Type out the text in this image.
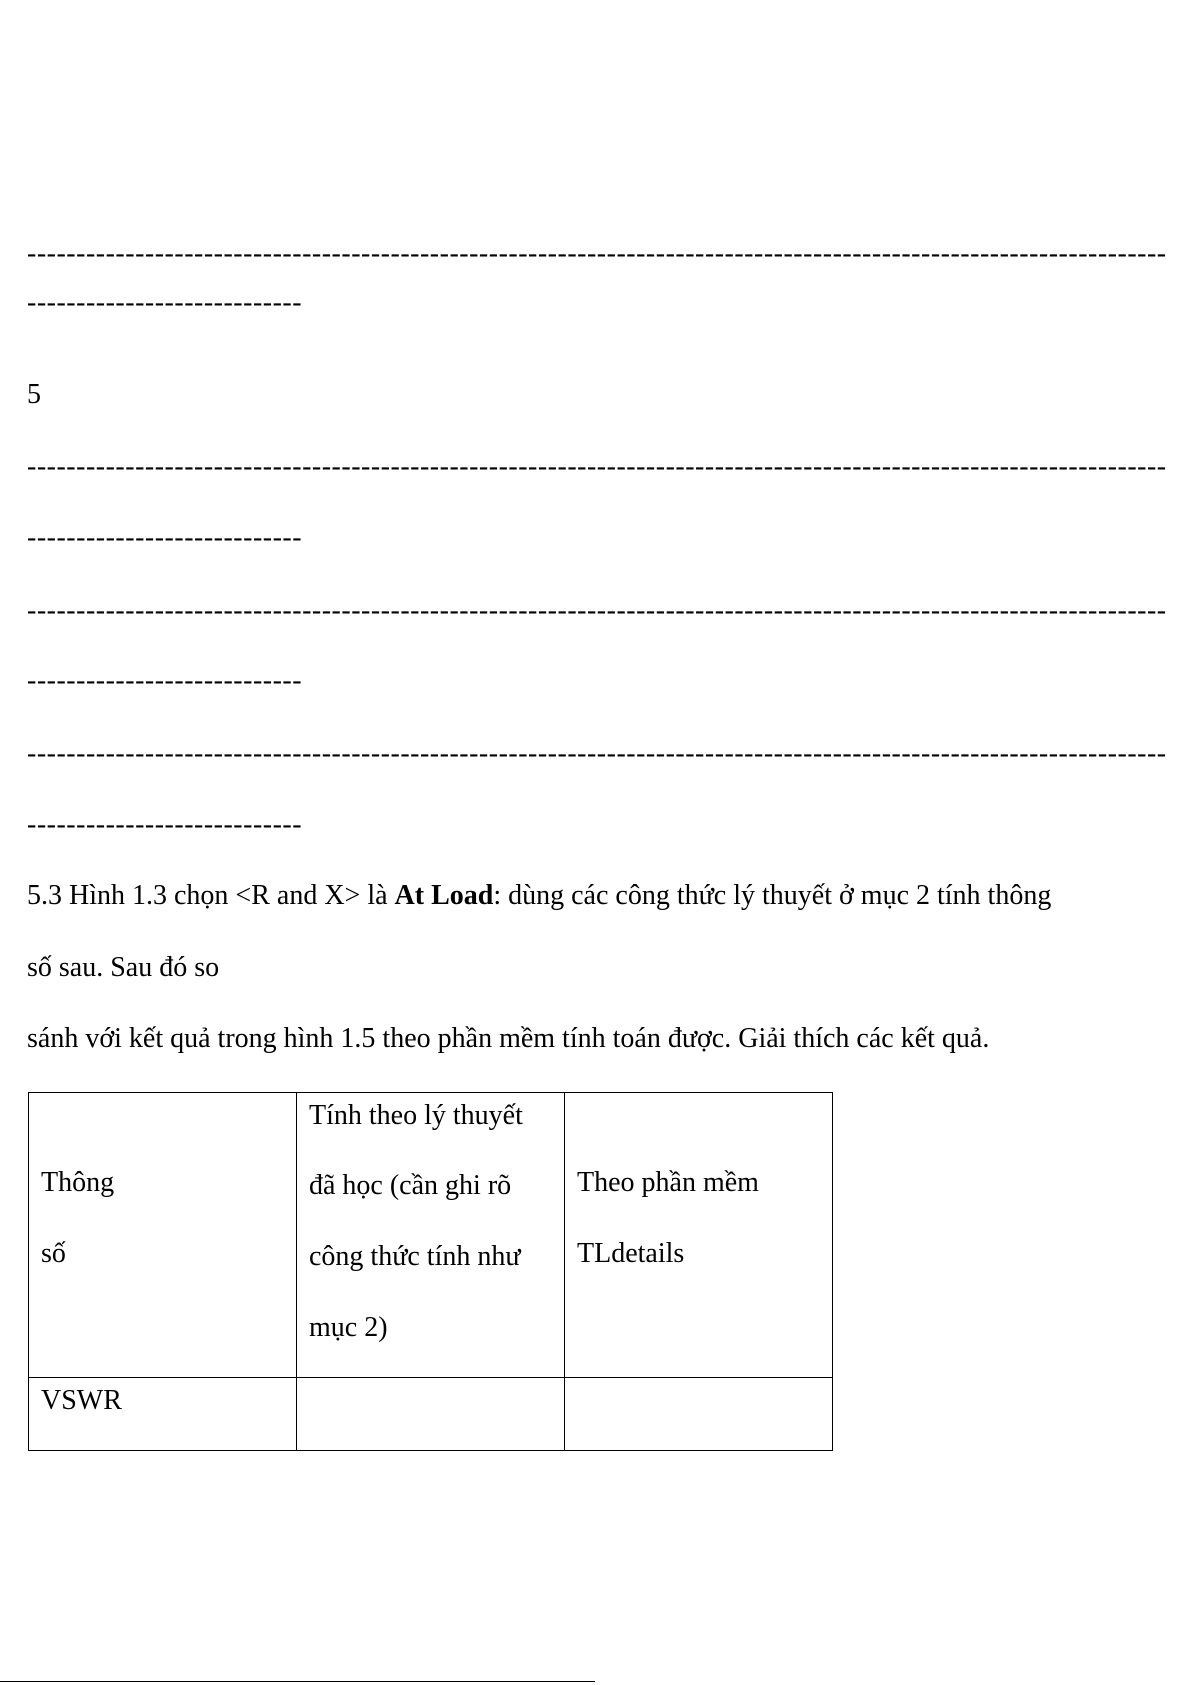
--------------------------------------------------------------------------------------------------------------------
----------------------------
5
--------------------------------------------------------------------------------------------------------------------
----------------------------
--------------------------------------------------------------------------------------------------------------------
----------------------------
--------------------------------------------------------------------------------------------------------------------
----------------------------
5.3 Hình 1.3 chọn <R and X> là At Load: dùng các công thức lý thuyết ở mục 2 tính thông
số sau. Sau đó so
sánh với kết quả trong hình 1.5 theo phần mềm tính toán được. Giải thích các kết quả.
Thông
số	Tính theo lý thuyết
đã học (cần ghi rõ
công thức tính như
mục 2)	Theo phần mềm
TLdetails

VSWR		
